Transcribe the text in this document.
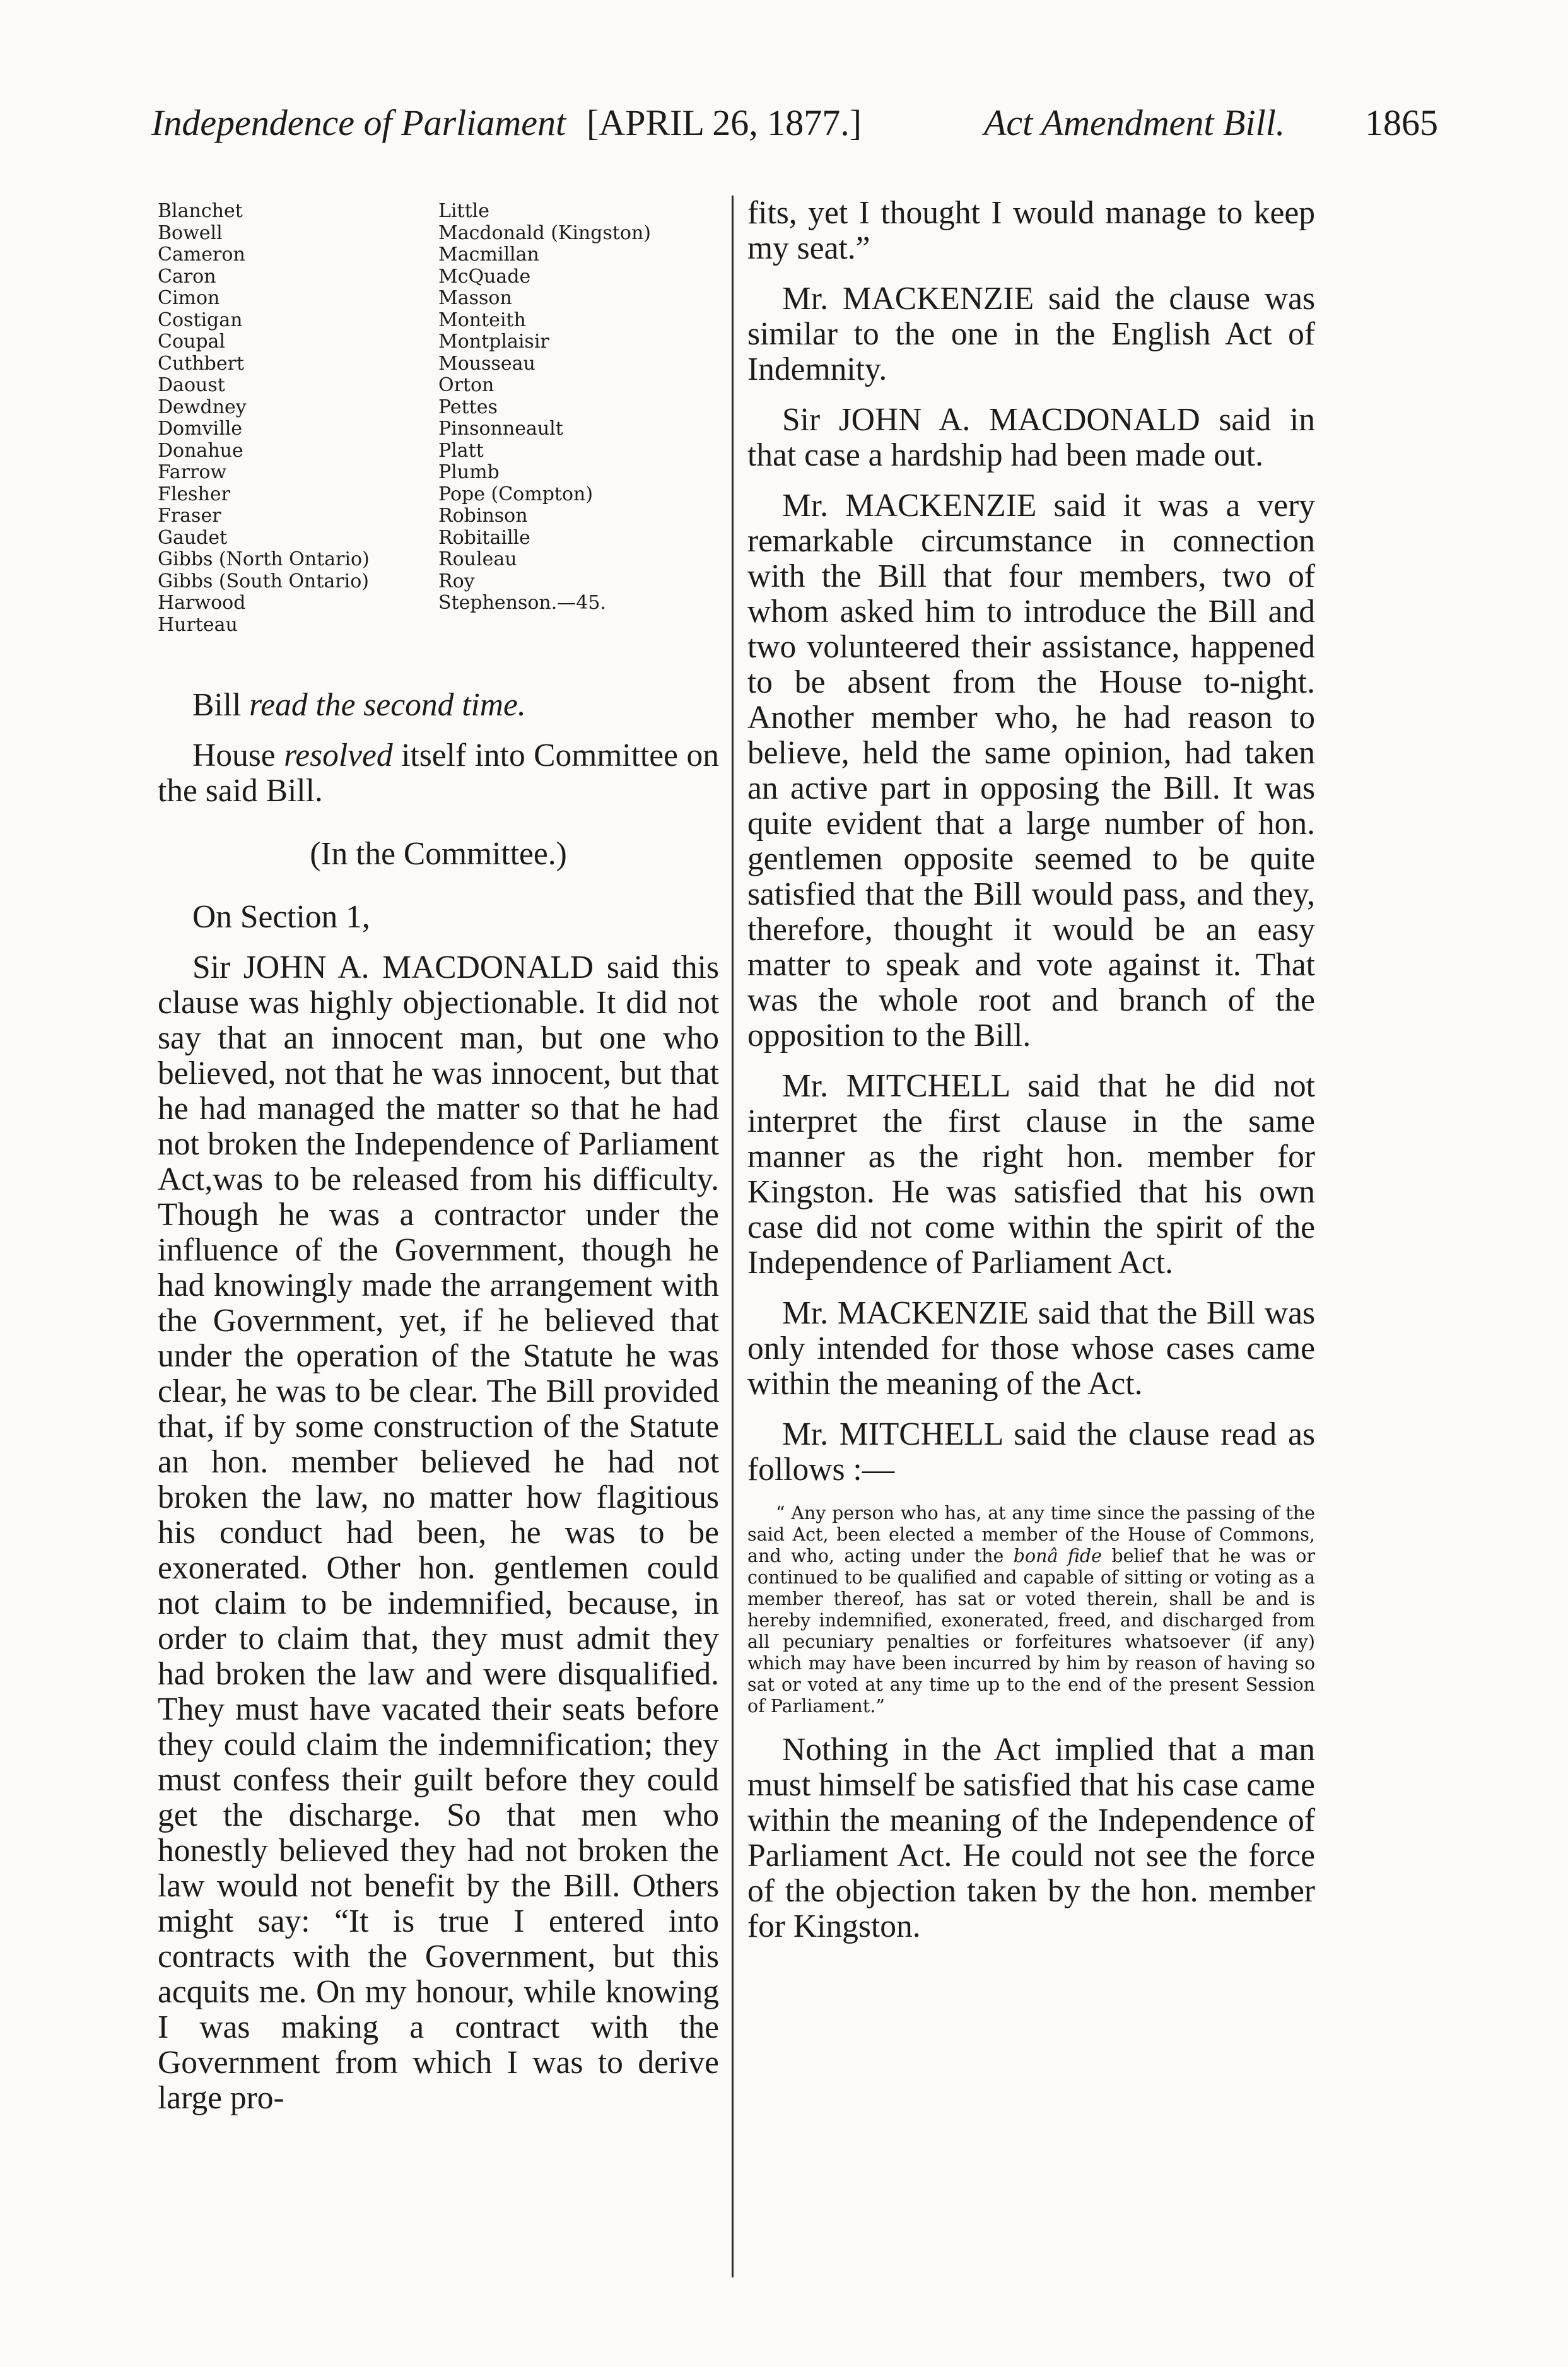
Independence of Parliament [APRIL 26, 1877.]	Act Amendment Bill. 1865
Blanchet
Bowell
Cameron
Caron
Cimon
Costigan
Coupal
Cuthbert
Daoust
Dewdney
Domville
Donahue
Farrow
Flesher
Fraser
Gaudet
Gibbs (North Ontario)
Gibbs (South Ontario)
Harwood
Hurteau
Little
Macdonald (Kingston)
Macmillan
McQuade
Masson
Monteith
Montplaisir
Mousseau
Orton
Pettes
Pinsonneault
Platt
Plumb
Pope (Compton)
Robinson
Robitaille
Rouleau
Roy
Stephenson.—45.

Bill read the second time.

House resolved itself into Committee on the said Bill.

(In the Committee.)

On Section 1,

Sir JOHN A. MACDONALD said this clause was highly objectionable. It did not say that an innocent man, but one who believed, not that he was innocent, but that he had managed the matter so that he had not broken the Independence of Parliament Act,was to be released from his difficulty. Though he was a contractor under the influence of the Government, though he had knowingly made the arrangement with the Government, yet, if he believed that under the operation of the Statute he was clear, he was to be clear. The Bill provided that, if by some construction of the Statute an hon. member believed he had not broken the law, no matter how flagitious his conduct had been, he was to be exonerated. Other hon. gentlemen could not claim to be indemnified, because, in order to claim that, they must admit they had broken the law and were disqualified. They must have vacated their seats before they could claim the indemnification; they must confess their guilt before they could get the discharge. So that men who honestly believed they had not broken the law would not benefit by the Bill. Others might say: “It is true I entered into contracts with the Government, but this acquits me. On my honour, while knowing I was making a contract with the Government from which I was to derive large pro-

fits, yet I thought I would manage to keep my seat.”

Mr. MACKENZIE said the clause was similar to the one in the English Act of Indemnity.

Sir JOHN A. MACDONALD said in that case a hardship had been made out.

Mr. MACKENZIE said it was a very remarkable circumstance in connection with the Bill that four members, two of whom asked him to introduce the Bill and two volunteered their assistance, happened to be absent from the House to-night. Another member who, he had reason to believe, held the same opinion, had taken an active part in opposing the Bill. It was quite evident that a large number of hon. gentlemen opposite seemed to be quite satisfied that the Bill would pass, and they, therefore, thought it would be an easy matter to speak and vote against it. That was the whole root and branch of the opposition to the Bill.

Mr. MITCHELL said that he did not interpret the first clause in the same manner as the right hon. member for Kingston. He was satisfied that his own case did not come within the spirit of the Independence of Parliament Act.

Mr. MACKENZIE said that the Bill was only intended for those whose cases came within the meaning of the Act.

Mr. MITCHELL said the clause read as follows :—

“ Any person who has, at any time since the passing of the said Act, been elected a member of the House of Commons, and who, acting under the bonâ fide belief that he was or continued to be qualified and capable of sitting or voting as a member thereof, has sat or voted therein, shall be and is hereby indemnified, exonerated, freed, and discharged from all pecuniary penalties or forfeitures whatsoever (if any) which may have been incurred by him by reason of having so sat or voted at any time up to the end of the present Session of Parliament.”

Nothing in the Act implied that a man must himself be satisfied that his case came within the meaning of the Independence of Parliament Act. He could not see the force of the objection taken by the hon. member for Kingston.
